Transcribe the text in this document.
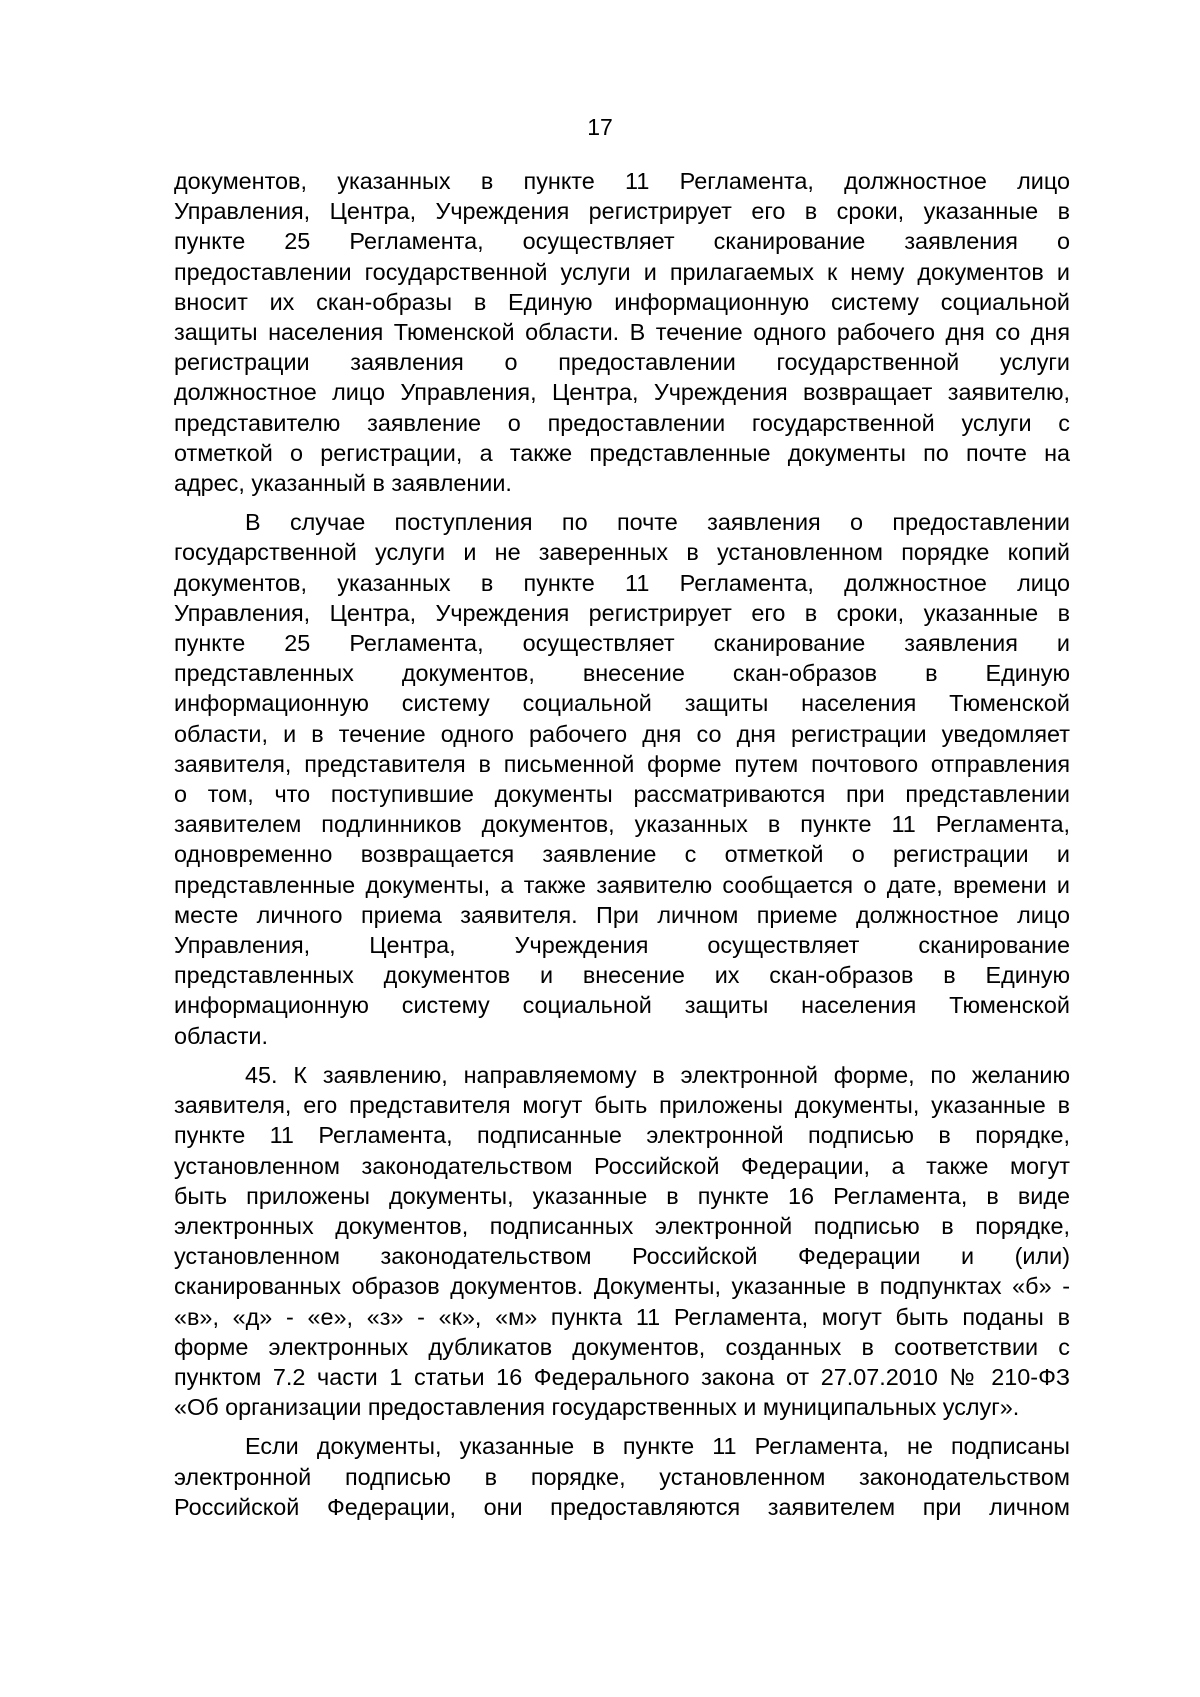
17
документов, указанных в пункте 11 Регламента, должностное лицо
Управления, Центра, Учреждения регистрирует его в сроки, указанные в
пункте 25 Регламента, осуществляет сканирование заявления о
предоставлении государственной услуги и прилагаемых к нему документов и
вносит их скан-образы в Единую информационную систему социальной
защиты населения Тюменской области. В течение одного рабочего дня со дня
регистрации заявления о предоставлении государственной услуги
должностное лицо Управления, Центра, Учреждения возвращает заявителю,
представителю заявление о предоставлении государственной услуги с
отметкой о регистрации, а также представленные документы по почте на
адрес, указанный в заявлении.
В случае поступления по почте заявления о предоставлении
государственной услуги и не заверенных в установленном порядке копий
документов, указанных в пункте 11 Регламента, должностное лицо
Управления, Центра, Учреждения регистрирует его в сроки, указанные в
пункте 25 Регламента, осуществляет сканирование заявления и
представленных документов, внесение скан-образов в Единую
информационную систему социальной защиты населения Тюменской
области, и в течение одного рабочего дня со дня регистрации уведомляет
заявителя, представителя в письменной форме путем почтового отправления
о том, что поступившие документы рассматриваются при представлении
заявителем подлинников документов, указанных в пункте 11 Регламента,
одновременно возвращается заявление с отметкой о регистрации и
представленные документы, а также заявителю сообщается о дате, времени и
месте личного приема заявителя. При личном приеме должностное лицо
Управления, Центра, Учреждения осуществляет сканирование
представленных документов и внесение их скан-образов в Единую
информационную систему социальной защиты населения Тюменской
области.
45. К заявлению, направляемому в электронной форме, по желанию
заявителя, его представителя могут быть приложены документы, указанные в
пункте 11 Регламента, подписанные электронной подписью в порядке,
установленном законодательством Российской Федерации, а также могут
быть приложены документы, указанные в пункте 16 Регламента, в виде
электронных документов, подписанных электронной подписью в порядке,
установленном законодательством Российской Федерации и (или)
сканированных образов документов. Документы, указанные в подпунктах «б» -
«в», «д» - «е», «з» - «к», «м» пункта 11 Регламента, могут быть поданы в
форме электронных дубликатов документов, созданных в соответствии с
пунктом 7.2 части 1 статьи 16 Федерального закона от 27.07.2010 № 210-ФЗ
«Об организации предоставления государственных и муниципальных услуг».
Если документы, указанные в пункте 11 Регламента, не подписаны
электронной подписью в порядке, установленном законодательством
Российской Федерации, они предоставляются заявителем при личном
